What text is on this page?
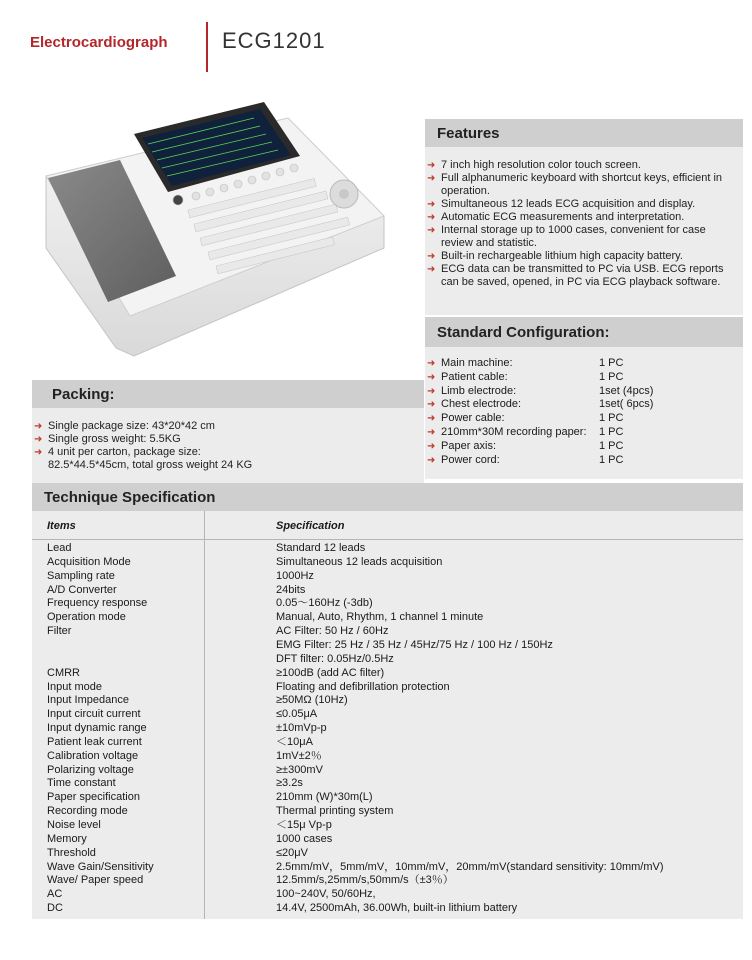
Electrocardiograph ECG1201
Features
➜ 7 inch high resolution color touch screen.
➜ Full alphanumeric keyboard with shortcut keys, efficient in
operation.
➜ Simultaneous 12 leads ECG acquisition and display.
➜ Automatic ECG measurements and interpretation.
➜ Internal storage up to 1000 cases, convenient for case
review and statistic.
➜ Built-in rechargeable lithium high capacity battery.
➜ ECG data can be transmitted to PC via USB. ECG reports
can be saved, opened, in PC via ECG playback software.
Standard Configuration:
➜ Main machine:	1 PC
➜ Patient cable:	1 PC
➜ Limb electrode:	1set (4pcs)
➜ Chest electrode:	1set( 6pcs)
➜ Power cable:	1 PC
➜ 210mm*30M recording paper: 1 PC
➜ Paper axis:	1 PC
➜ Power cord:	1 PC
Packing:
➜ Single package size: 43*20*42 cm
➜ Single gross weight: 5.5KG
➜ 4 unit per carton, package size:
82.5*44.5*45cm, total gross weight 24 KG
Technique Specification
Items	Specification
Lead	Standard 12 leads
Acquisition Mode	Simultaneous 12 leads acquisition
Sampling rate	1000Hz
A/D Converter	24bits
Frequency response	0.05～160Hz (-3db)
Operation mode	Manual, Auto, Rhythm, 1 channel 1 minute
Filter	AC Filter: 50 Hz / 60Hz
EMG Filter: 25 Hz / 35 Hz / 45Hz/75 Hz / 100 Hz / 150Hz
DFT filter: 0.05Hz/0.5Hz
CMRR	≥100dB (add AC filter)
Input mode	Floating and defibrillation protection
Input Impedance	≥50MΩ (10Hz)
Input circuit current	≤0.05μA
Input dynamic range	±10mVp-p
Patient leak current	＜10μA
Calibration voltage	1mV±2％
Polarizing voltage	≥±300mV
Time constant	≥3.2s
Paper specification	210mm (W)*30m(L)
Recording mode	Thermal printing system
Noise level	＜15μ Vp-p
Memory	1000 cases
Threshold	≤20μV
Wave Gain/Sensitivity	2.5mm/mV，5mm/mV，10mm/mV，20mm/mV(standard sensitivity: 10mm/mV)
Wave/ Paper speed	12.5mm/s,25mm/s,50mm/s（±3％）
AC	100~240V, 50/60Hz,
DC	14.4V, 2500mAh, 36.00Wh, built-in lithium battery
